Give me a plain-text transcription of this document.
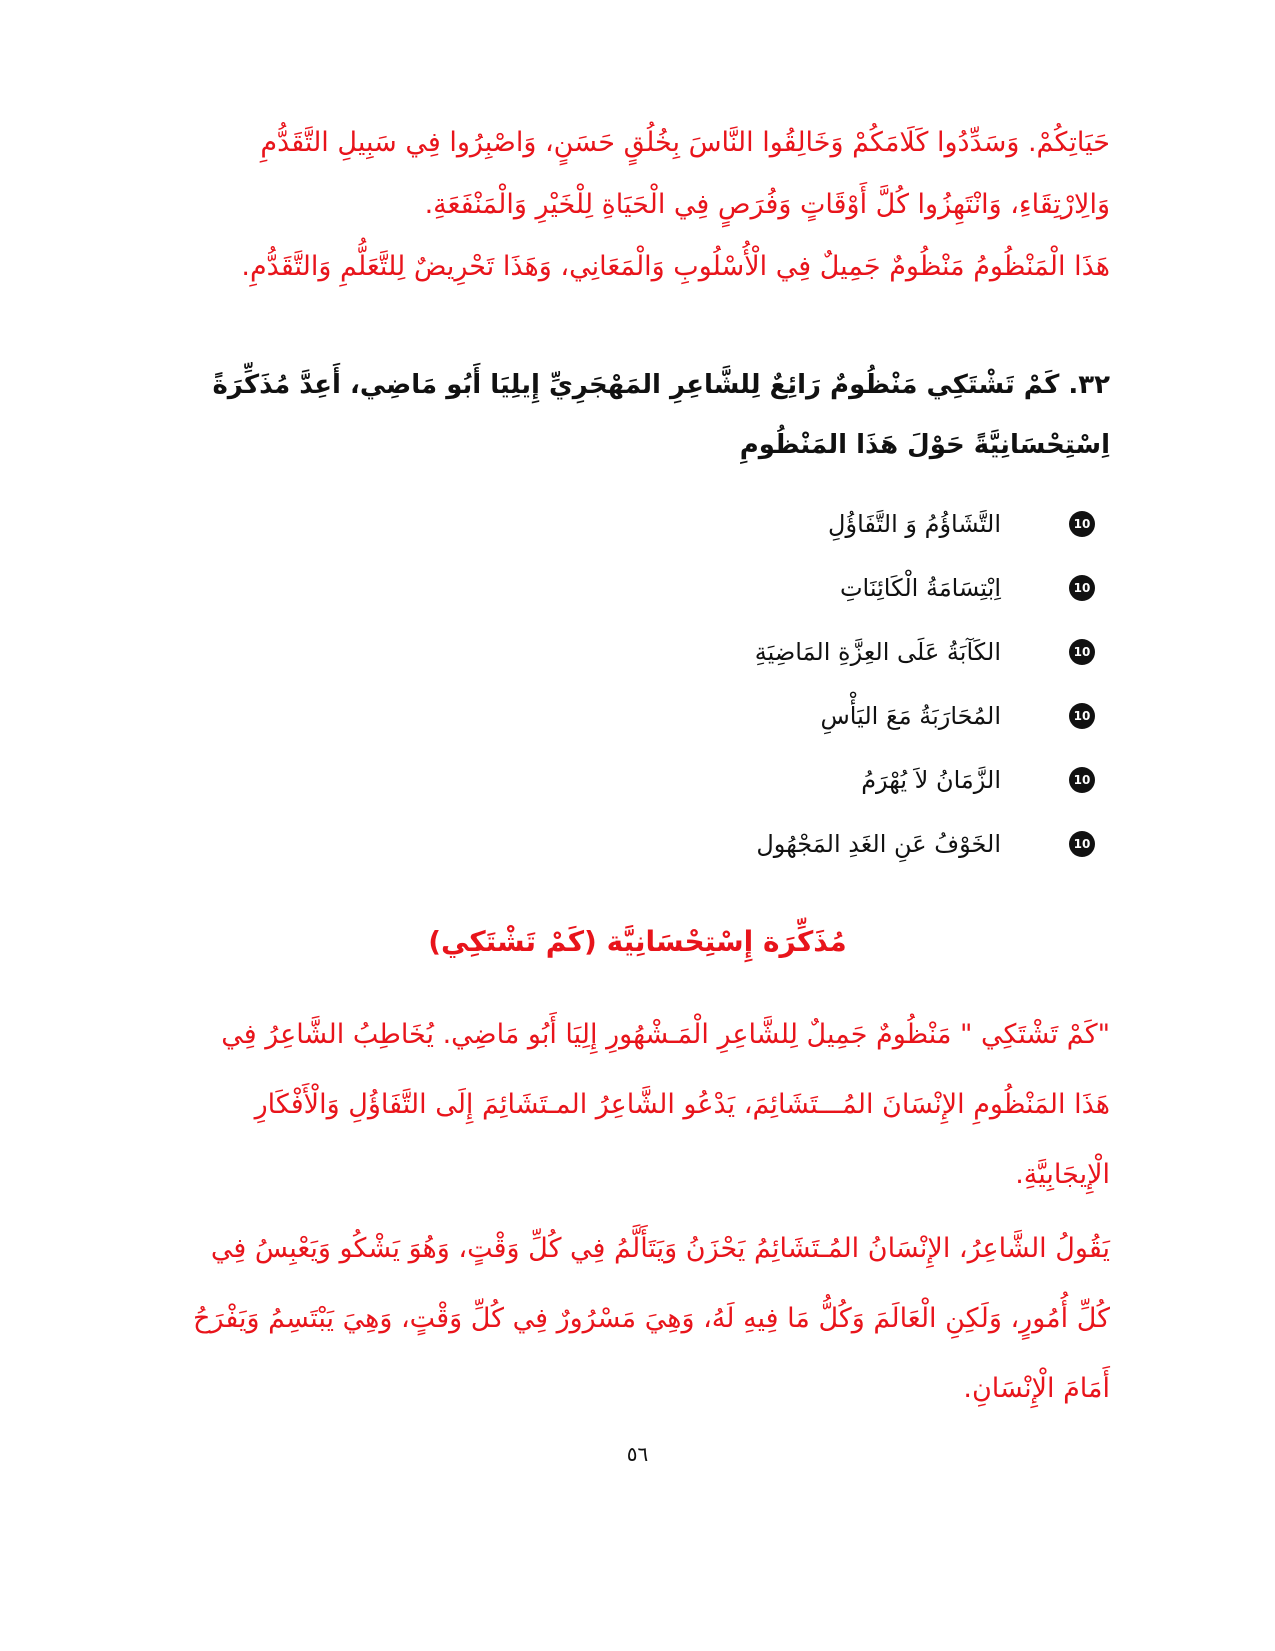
حَيَاتِكُمْ. وَسَدِّدُوا كَلَامَكُمْ وَخَالِقُوا النَّاسَ بِخُلُقٍ حَسَنٍ، وَاصْبِرُوا فِي سَبِيلِ التَّقَدُّمِ
وَالِارْتِقَاءِ، وَانْتَهِزُوا كُلَّ أَوْقَاتٍ وَفُرَصٍ فِي الْحَيَاةِ لِلْخَيْرِ وَالْمَنْفَعَةِ.
هَذَا الْمَنْظُومُ مَنْظُومٌ جَمِيلٌ فِي الْأُسْلُوبِ وَالْمَعَانِي، وَهَذَا تَحْرِيضٌ لِلتَّعَلُّمِ وَالتَّقَدُّمِ.
٣٢. كَمْ تَشْتَكِي مَنْظُومٌ رَائِعٌ لِلشَّاعِرِ المَهْجَرِيِّ إِيلِيَا أَبُو مَاضِي، أَعِدَّ مُذَكِّرَةً
اِسْتِحْسَانِيَّةً حَوْلَ هَذَا المَنْظُومِ
10
التَّشَاؤُمُ وَ التَّفَاؤُلِ
10
اِبْتِسَامَةُ الْكَائِنَاتِ
10
الكَآبَةُ عَلَى العِزَّةِ المَاضِيَةِ
10
المُحَارَبَةُ مَعَ اليَأْسِ
10
الزَّمَانُ لاَ يُهْرَمُ
10
الخَوْفُ عَنِ الغَدِ المَجْهُول
مُذَكِّرَة إِسْتِحْسَانِيَّة (كَمْ تَشْتَكِي)
"كَمْ تَشْتَكِي " مَنْظُومٌ جَمِيلٌ لِلشَّاعِرِ الْمَـشْهُورِ إِلِيَا أَبُو مَاضِي. يُخَاطِبُ الشَّاعِرُ فِي
هَذَا المَنْظُومِ الإِنْسَانَ المُـــتَشَائِمَ، يَدْعُو الشَّاعِرُ المـتَشَائِمَ إِلَى التَّفَاؤُلِ وَالْأَفْكَارِ
الْإِيجَابِيَّةِ.
يَقُولُ الشَّاعِرُ، الإِنْسَانُ المُـتَشَائِمُ يَحْزَنُ وَيَتَأَلَّمُ فِي كُلِّ وَقْتٍ، وَهُوَ يَشْكُو وَيَعْبِسُ فِي
كُلِّ أُمُورٍ، وَلَكِنِ الْعَالَمَ وَكُلُّ مَا فِيهِ لَهُ، وَهِيَ مَسْرُورٌ فِي كُلِّ وَقْتٍ، وَهِيَ يَبْتَسِمُ وَيَفْرَحُ
أَمَامَ الْإِنْسَانِ.
٥٦
